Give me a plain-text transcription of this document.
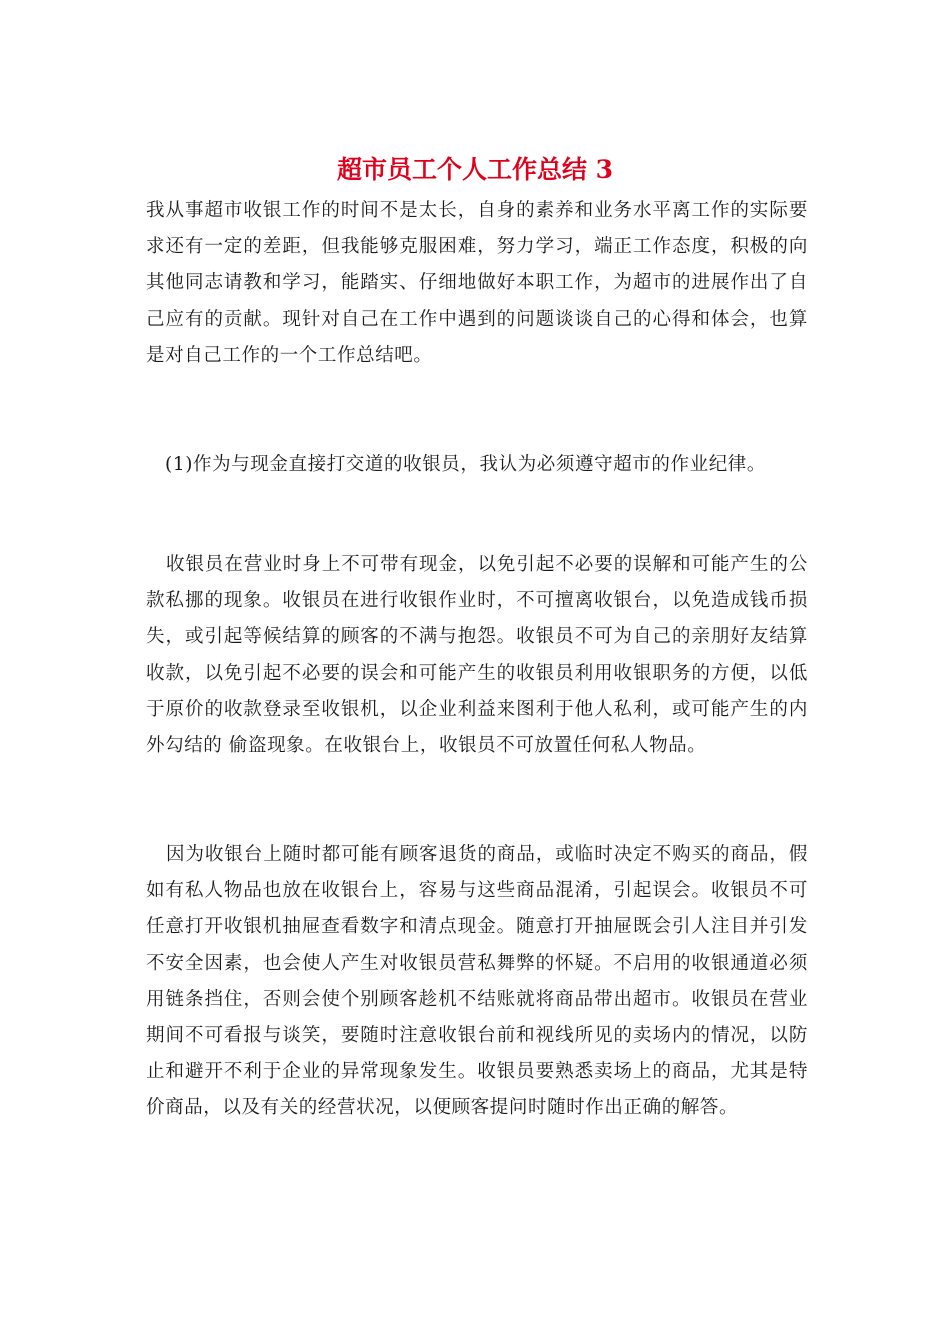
超市员工个人工作总结 3

我从事超市收银工作的时间不是太长，自身的素养和业务水平离工作的实际要求还有一定的差距，但我能够克服困难，努力学习，端正工作态度，积极的向其他同志请教和学习，能踏实、仔细地做好本职工作，为超市的进展作出了自己应有的贡献。现针对自己在工作中遇到的问题谈谈自己的心得和体会，也算是对自己工作的一个工作总结吧。

(1)作为与现金直接打交道的收银员，我认为必须遵守超市的作业纪律。

收银员在营业时身上不可带有现金，以免引起不必要的误解和可能产生的公款私挪的现象。收银员在进行收银作业时，不可擅离收银台，以免造成钱币损失，或引起等候结算的顾客的不满与抱怨。收银员不可为自己的亲朋好友结算收款，以免引起不必要的误会和可能产生的收银员利用收银职务的方便，以低于原价的收款登录至收银机，以企业利益来图利于他人私利，或可能产生的内外勾结的 偷盗现象。在收银台上，收银员不可放置任何私人物品。

因为收银台上随时都可能有顾客退货的商品，或临时决定不购买的商品，假如有私人物品也放在收银台上，容易与这些商品混淆，引起误会。收银员不可任意打开收银机抽屉查看数字和清点现金。随意打开抽屉既会引人注目并引发不安全因素，也会使人产生对收银员营私舞弊的怀疑。不启用的收银通道必须用链条挡住，否则会使个别顾客趁机不结账就将商品带出超市。收银员在营业期间不可看报与谈笑，要随时注意收银台前和视线所见的卖场内的情况，以防止和避开不利于企业的异常现象发生。收银员要熟悉卖场上的商品，尤其是特价商品，以及有关的经营状况，以便顾客提问时随时作出正确的解答。
